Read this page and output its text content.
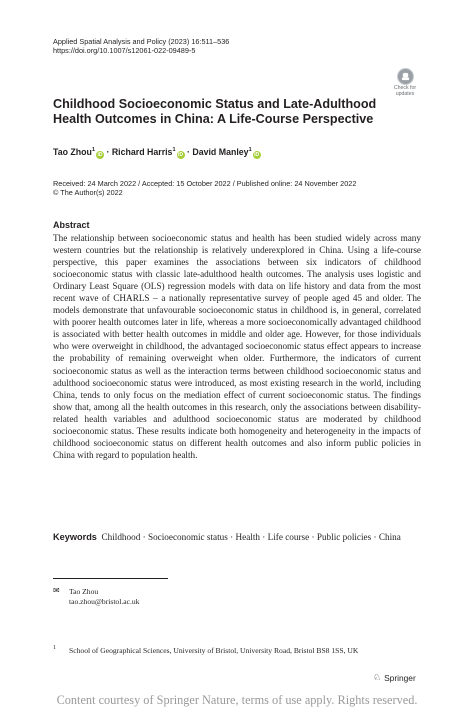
Applied Spatial Analysis and Policy (2023) 16:511–536
https://doi.org/10.1007/s12061-022-09489-5
Check for
updates
Childhood Socioeconomic Status and Late-Adulthood Health Outcomes in China: A Life-Course Perspective
Tao Zhou$^1$iD · Richard Harris$^1$iD · David Manley$^1$iD
Received: 24 March 2022 / Accepted: 15 October 2022 / Published online: 24 November 2022
© The Author(s) 2022
Abstract
The relationship between socioeconomic status and health has been studied widely across many western countries but the relationship is relatively underexplored in China. Using a life-course perspective, this paper examines the associations between six indicators of childhood socioeconomic status with classic late-adulthood health outcomes. The analysis uses logistic and Ordinary Least Square (OLS) regression models with data on life history and data from the most recent wave of CHARLS – a nationally representative survey of people aged 45 and older. The models demonstrate that unfavourable socioeconomic status in childhood is, in general, correlated with poorer health outcomes later in life, whereas a more socioeconomically advantaged childhood is associated with better health outcomes in middle and older age. However, for those individuals who were overweight in childhood, the advantaged socioeconomic status effect appears to increase the probability of remaining overweight when older. Furthermore, the indicators of current socioeconomic status as well as the interaction terms between childhood socioeconomic status and adulthood socioeconomic status were introduced, as most existing research in the world, including China, tends to only focus on the mediation effect of current socioeconomic status. The findings show that, among all the health outcomes in this research, only the associations between disability-related health variables and adulthood socioeconomic status are moderated by childhood socioeconomic status. These results indicate both homogeneity and heterogeneity in the impacts of childhood socioeconomic status on different health outcomes and also inform public policies in China with regard to population health.
Keywords Childhood · Socioeconomic status · Health · Life course · Public policies · China
✉ Tao Zhou
tao.zhou@bristol.ac.uk
1 School of Geographical Sciences, University of Bristol, University Road, Bristol BS8 1SS, UK
♘ Springer
Content courtesy of Springer Nature, terms of use apply. Rights reserved.
